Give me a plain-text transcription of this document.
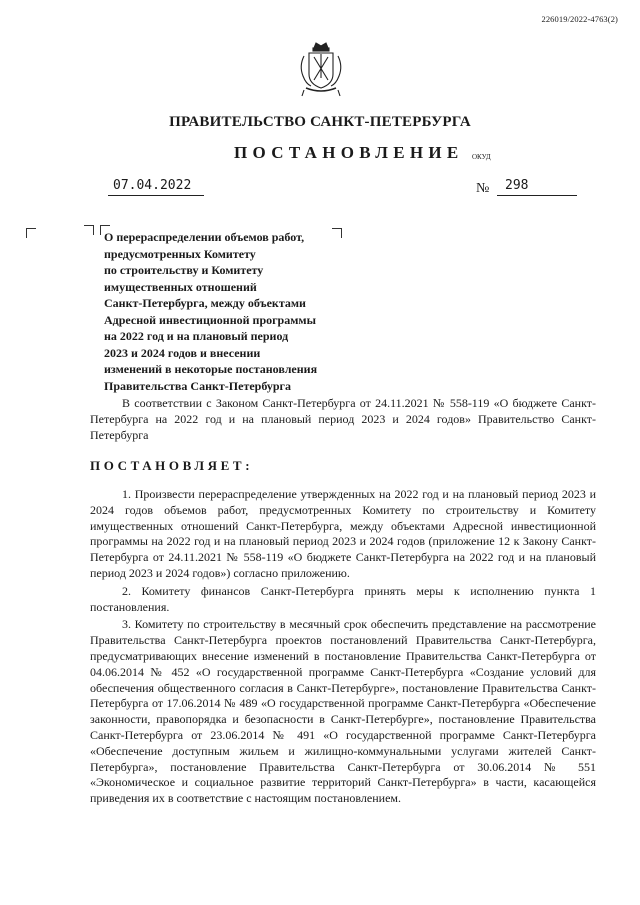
226019/2022-4763(2)
ПРАВИТЕЛЬСТВО САНКТ-ПЕТЕРБУРГА
ПОСТАНОВЛЕНИЕ ОКУД
07.04.2022	№ 298
О перераспределении объемов работ,
предусмотренных Комитету
по строительству и Комитету
имущественных отношений
Санкт-Петербурга, между объектами
Адресной инвестиционной программы
на 2022 год и на плановый период
2023 и 2024 годов и внесении
изменений в некоторые постановления
Правительства Санкт-Петербурга

В соответствии с Законом Санкт-Петербурга от 24.11.2021 № 558-119 «О бюджете Санкт-Петербурга на 2022 год и на плановый период 2023 и 2024 годов» Правительство Санкт-Петербурга

ПОСТАНОВЛЯЕТ:

1. Произвести перераспределение утвержденных на 2022 год и на плановый период 2023 и 2024 годов объемов работ, предусмотренных Комитету по строительству и Комитету имущественных отношений Санкт-Петербурга, между объектами Адресной инвестиционной программы на 2022 год и на плановый период 2023 и 2024 годов (приложение 12 к Закону Санкт-Петербурга от 24.11.2021 № 558-119 «О бюджете Санкт-Петербурга на 2022 год и на плановый период 2023 и 2024 годов») согласно приложению.

2. Комитету финансов Санкт-Петербурга принять меры к исполнению пункта 1 постановления.

3. Комитету по строительству в месячный срок обеспечить представление на рассмотрение Правительства Санкт-Петербурга проектов постановлений Правительства Санкт-Петербурга, предусматривающих внесение изменений в постановление Правительства Санкт-Петербурга от 04.06.2014 № 452 «О государственной программе Санкт-Петербурга «Создание условий для обеспечения общественного согласия в Санкт-Петербурге», постановление Правительства Санкт-Петербурга от 17.06.2014 № 489 «О государственной программе Санкт-Петербурга «Обеспечение законности, правопорядка и безопасности в Санкт-Петербурге», постановление Правительства Санкт-Петербурга от 23.06.2014 № 491 «О государственной программе Санкт-Петербурга «Обеспечение доступным жильем и жилищно-коммунальными услугами жителей Санкт-Петербурга», постановление Правительства Санкт-Петербурга от 30.06.2014 № 551 «Экономическое и социальное развитие территорий Санкт-Петербурга» в части, касающейся приведения их в соответствие с настоящим постановлением.
